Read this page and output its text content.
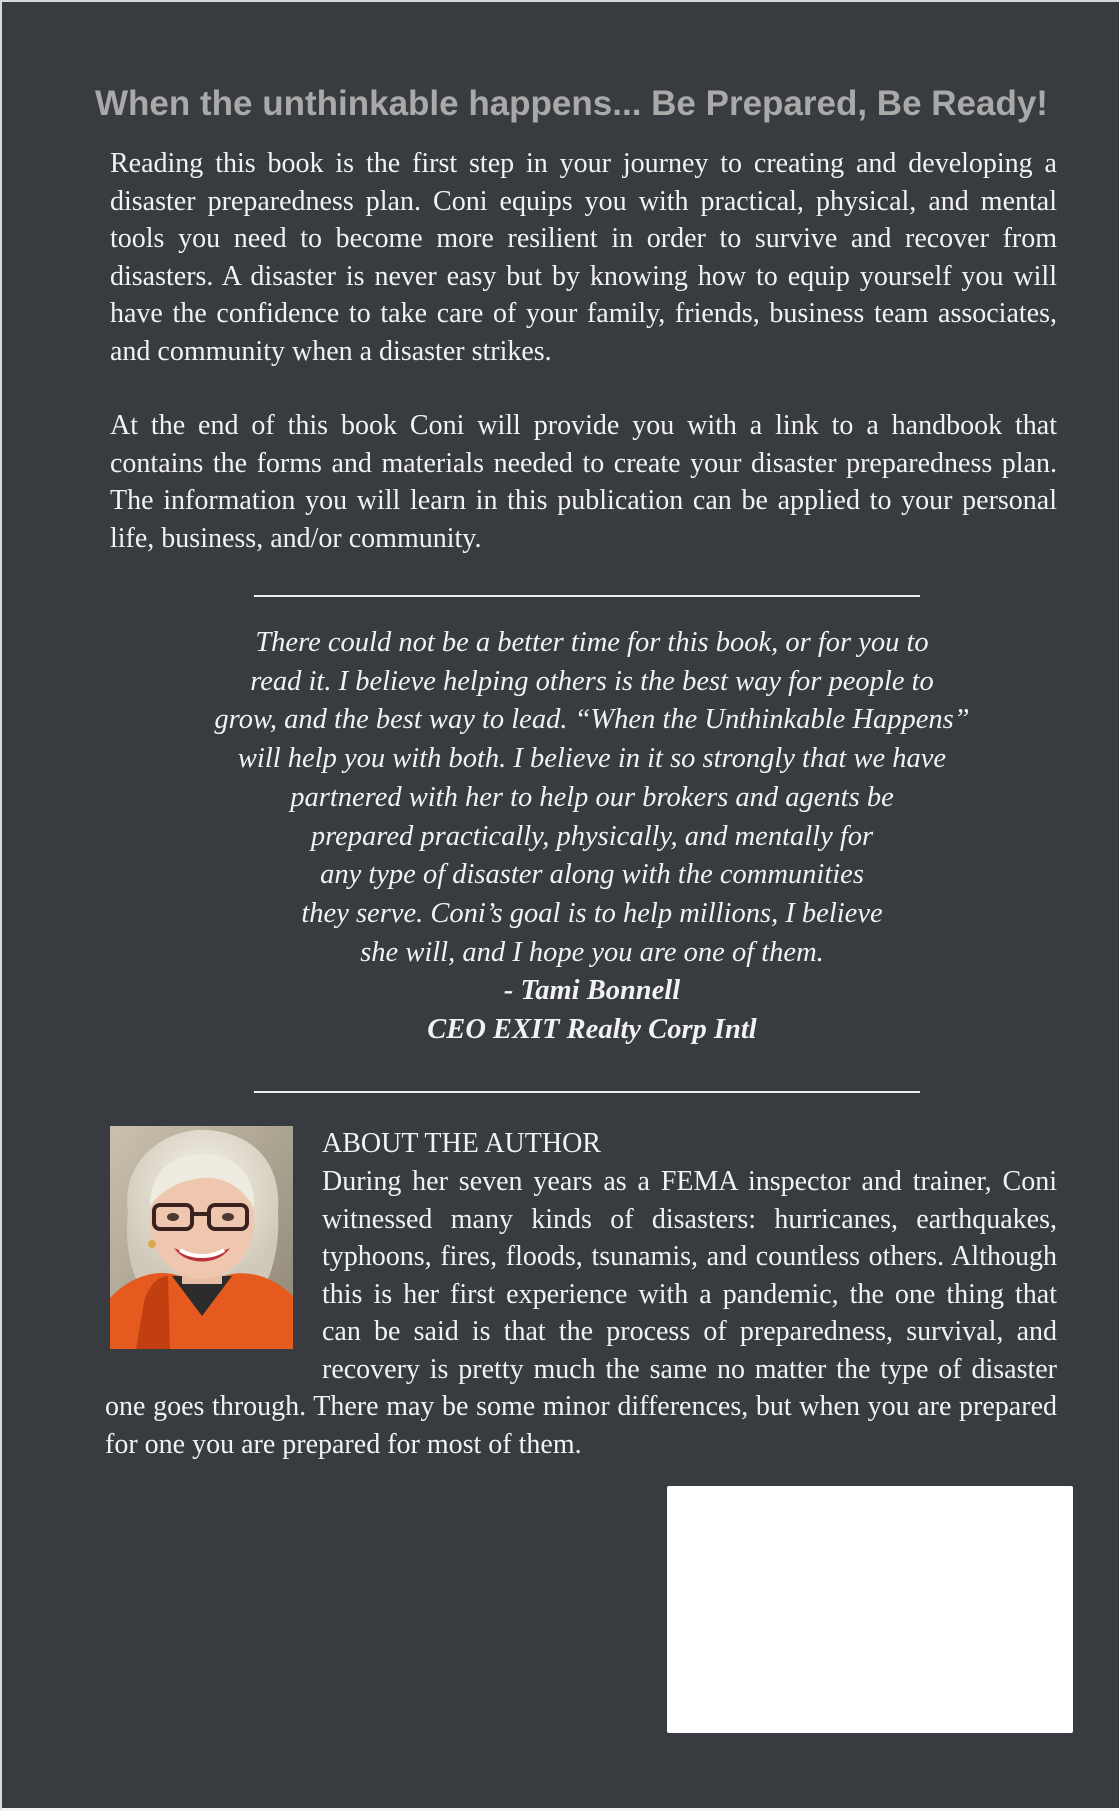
When the unthinkable happens... Be Prepared, Be Ready!

Reading this book is the first step in your journey to creating and developing a disaster preparedness plan. Coni equips you with practical, physical, and mental tools you need to become more resilient in order to survive and recover from disasters. A disaster is never easy but by knowing how to equip yourself you will have the confidence to take care of your family, friends, business team associates, and community when a disaster strikes.

At the end of this book Coni will provide you with a link to a handbook that contains the forms and materials needed to create your disaster preparedness plan. The information you will learn in this publication can be applied to your personal life, business, and/or community.

There could not be a better time for this book, or for you to
read it. I believe helping others is the best way for people to
grow, and the best way to lead. “When the Unthinkable Happens”
will help you with both. I believe in it so strongly that we have
partnered with her to help our brokers and agents be
prepared practically, physically, and mentally for
any type of disaster along with the communities
they serve. Coni’s goal is to help millions, I believe
she will, and I hope you are one of them.
- Tami Bonnell
CEO EXIT Realty Corp Intl
ABOUT THE AUTHOR

During her seven years as a FEMA inspector and trainer, Coni witnessed many kinds of disasters: hurricanes, earthquakes, typhoons, fires, floods, tsunamis, and countless others. Although this is her first experience with a pandemic, the one thing that can be said is that the process of preparedness, survival, and recovery is pretty much the same no matter the type of disaster one goes through. There may be some minor differences, but when you are prepared for one you are prepared for most of them.
